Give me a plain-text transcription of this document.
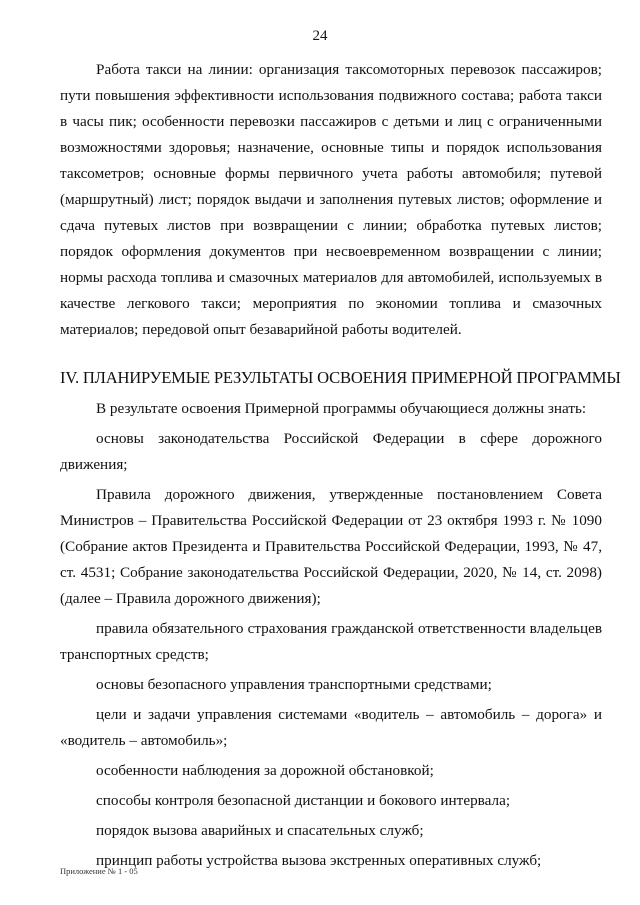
24
Работа такси на линии: организация таксомоторных перевозок пассажиров; пути повышения эффективности использования подвижного состава; работа такси в часы пик; особенности перевозки пассажиров с детьми и лиц с ограниченными возможностями здоровья; назначение, основные типы и порядок использования таксометров; основные формы первичного учета работы автомобиля; путевой (маршрутный) лист; порядок выдачи и заполнения путевых листов; оформление и сдача путевых листов при возвращении с линии; обработка путевых листов; порядок оформления документов при несвоевременном возвращении с линии; нормы расхода топлива и смазочных материалов для автомобилей, используемых в качестве легкового такси; мероприятия по экономии топлива и смазочных материалов; передовой опыт безаварийной работы водителей.
IV. ПЛАНИРУЕМЫЕ РЕЗУЛЬТАТЫ ОСВОЕНИЯ ПРИМЕРНОЙ ПРОГРАММЫ

В результате освоения Примерной программы обучающиеся должны знать:

основы законодательства Российской Федерации в сфере дорожного движения;

Правила дорожного движения, утвержденные постановлением Совета Министров – Правительства Российской Федерации от 23 октября 1993 г. № 1090 (Собрание актов Президента и Правительства Российской Федерации, 1993, № 47, ст. 4531; Собрание законодательства Российской Федерации, 2020, № 14, ст. 2098) (далее – Правила дорожного движения);

правила обязательного страхования гражданской ответственности владельцев транспортных средств;

основы безопасного управления транспортными средствами;

цели и задачи управления системами «водитель – автомобиль – дорога» и «водитель – автомобиль»;

особенности наблюдения за дорожной обстановкой;

способы контроля безопасной дистанции и бокового интервала;

порядок вызова аварийных и спасательных служб;

принцип работы устройства вызова экстренных оперативных служб;

Приложение № 1 - 05
